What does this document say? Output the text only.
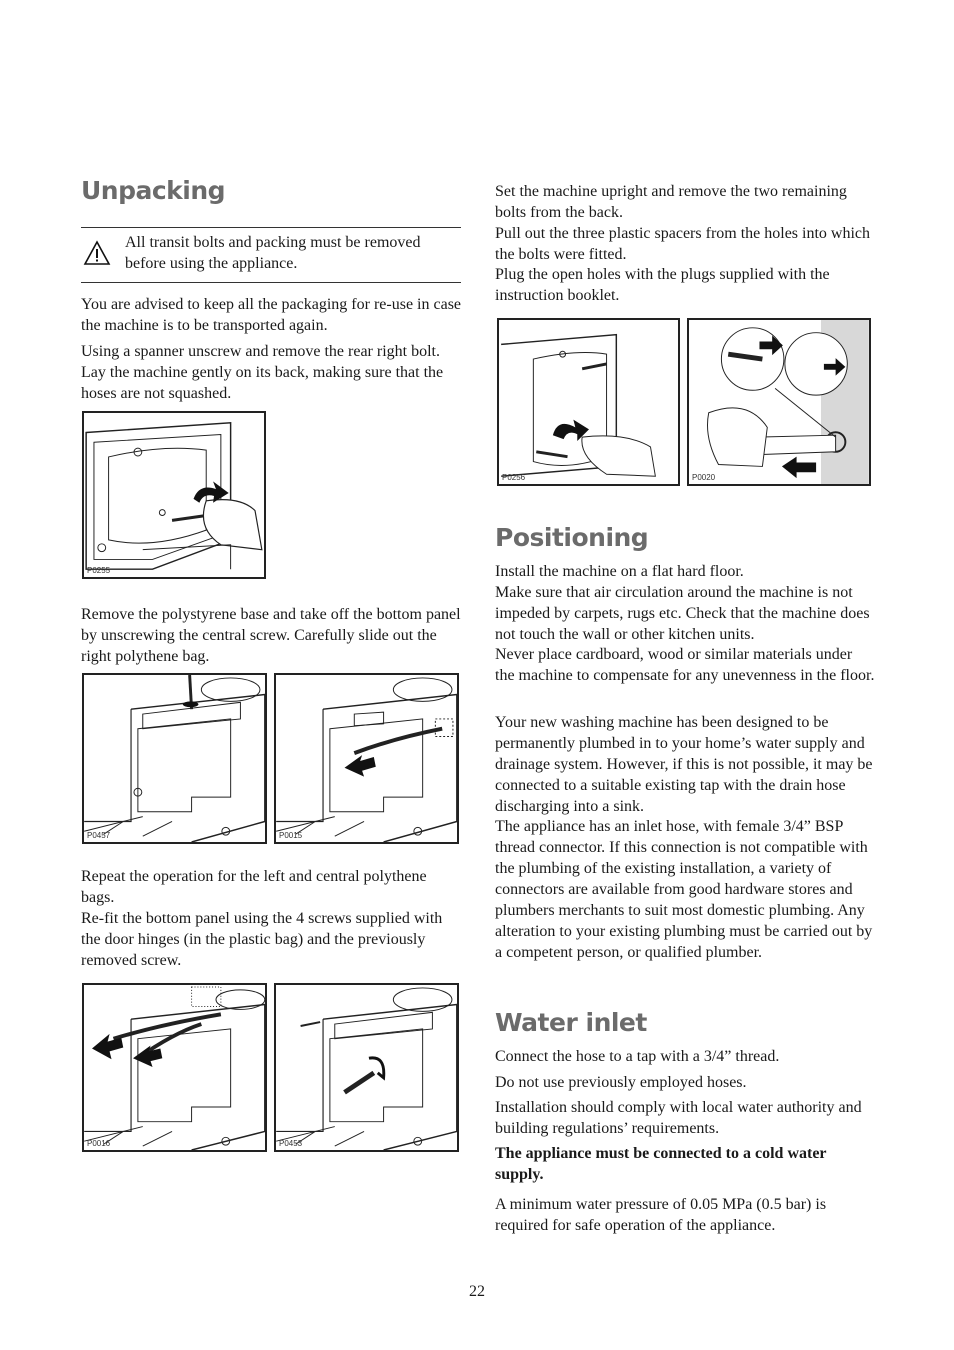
Unpacking
All transit bolts and packing must be removed before using the appliance.

You are advised to keep all the packaging for re-use in case the machine is to be transported again.

Using a spanner unscrew and remove the rear right bolt. Lay the machine gently on its back, making sure that the hoses are not squashed.

P0255

Remove the polystyrene base and take off the bottom panel by unscrewing the central screw. Carefully slide out the right polythene bag.

P0457	P0015

Repeat the operation for the left and central polythene bags.

Re-fit the bottom panel using the 4 screws supplied with the door hinges (in the plastic bag) and the previously removed screw.

P0016	P0453

Set the machine upright and remove the two remaining bolts from the back.

Pull out the three plastic spacers from the holes into which the bolts were fitted.

Plug the open holes with the plugs supplied with the instruction booklet.

P0256	P0020
Positioning

Install the machine on a flat hard floor.

Make sure that air circulation around the machine is not impeded by carpets, rugs etc. Check that the machine does not touch the wall or other kitchen units.

Never place cardboard, wood or similar materials under the machine to compensate for any unevenness in the floor.

Your new washing machine has been designed to be permanently plumbed in to your home’s water supply and drainage system. However, if this is not possible, it may be connected to a suitable existing tap with the drain hose discharging into a sink.

The appliance has an inlet hose, with female 3/4” BSP thread connector. If this connection is not compatible with the plumbing of the existing installation, a variety of connectors are available from good hardware stores and plumbers merchants to suit most domestic plumbing. Any alteration to your existing plumbing must be carried out by a competent person, or qualified plumber.

Water inlet

Connect the hose to a tap with a 3/4” thread.

Do not use previously employed hoses.

Installation should comply with local water authority and building regulations’ requirements.

The appliance must be connected to a cold water supply.

A minimum water pressure of 0.05 MPa (0.5 bar) is required for safe operation of the appliance.

22
